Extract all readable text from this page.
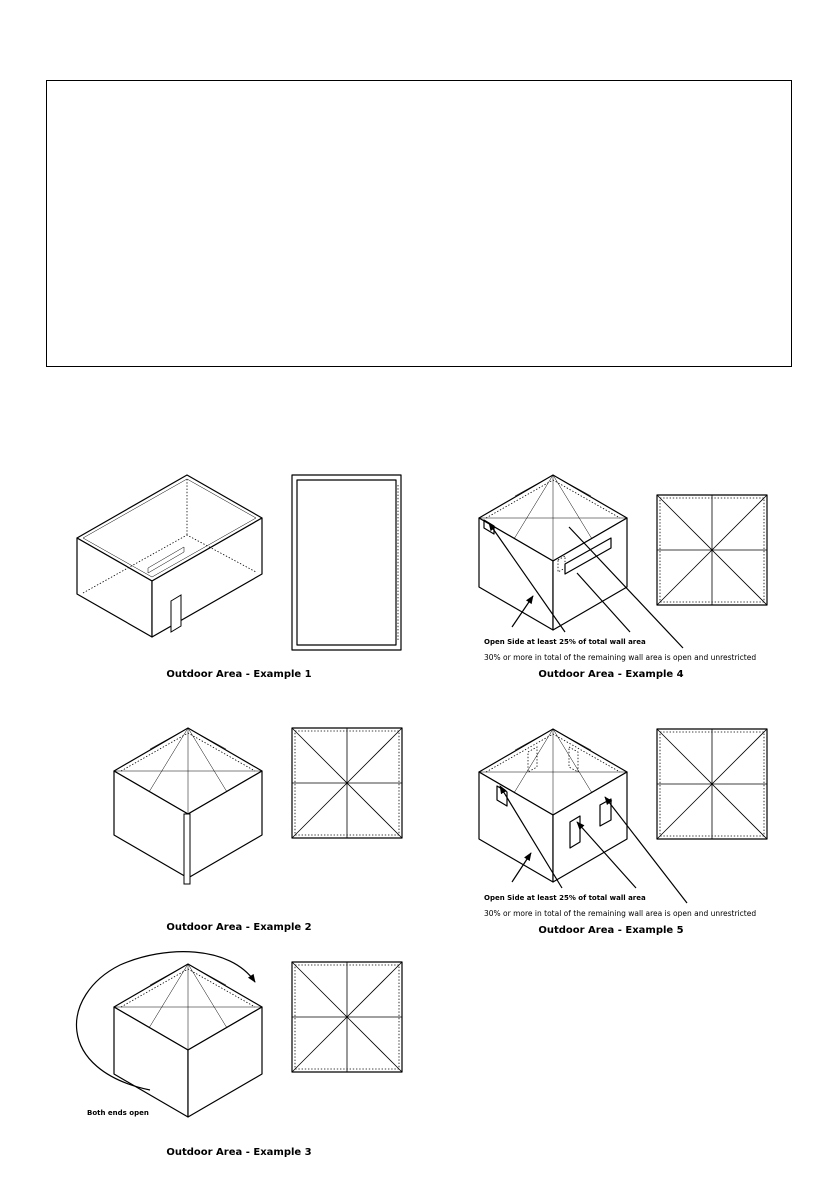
Outdoor Area - Example 1
Outdoor Area - Example 2
Both ends open
Outdoor Area - Example 3
Open Side at least 25% of total wall area
30% or more in total of the remaining wall area is open and unrestricted
Outdoor Area - Example 4
Open Side at least 25% of total wall area
30% or more in total of the remaining wall area is open and unrestricted
Outdoor Area - Example 5
